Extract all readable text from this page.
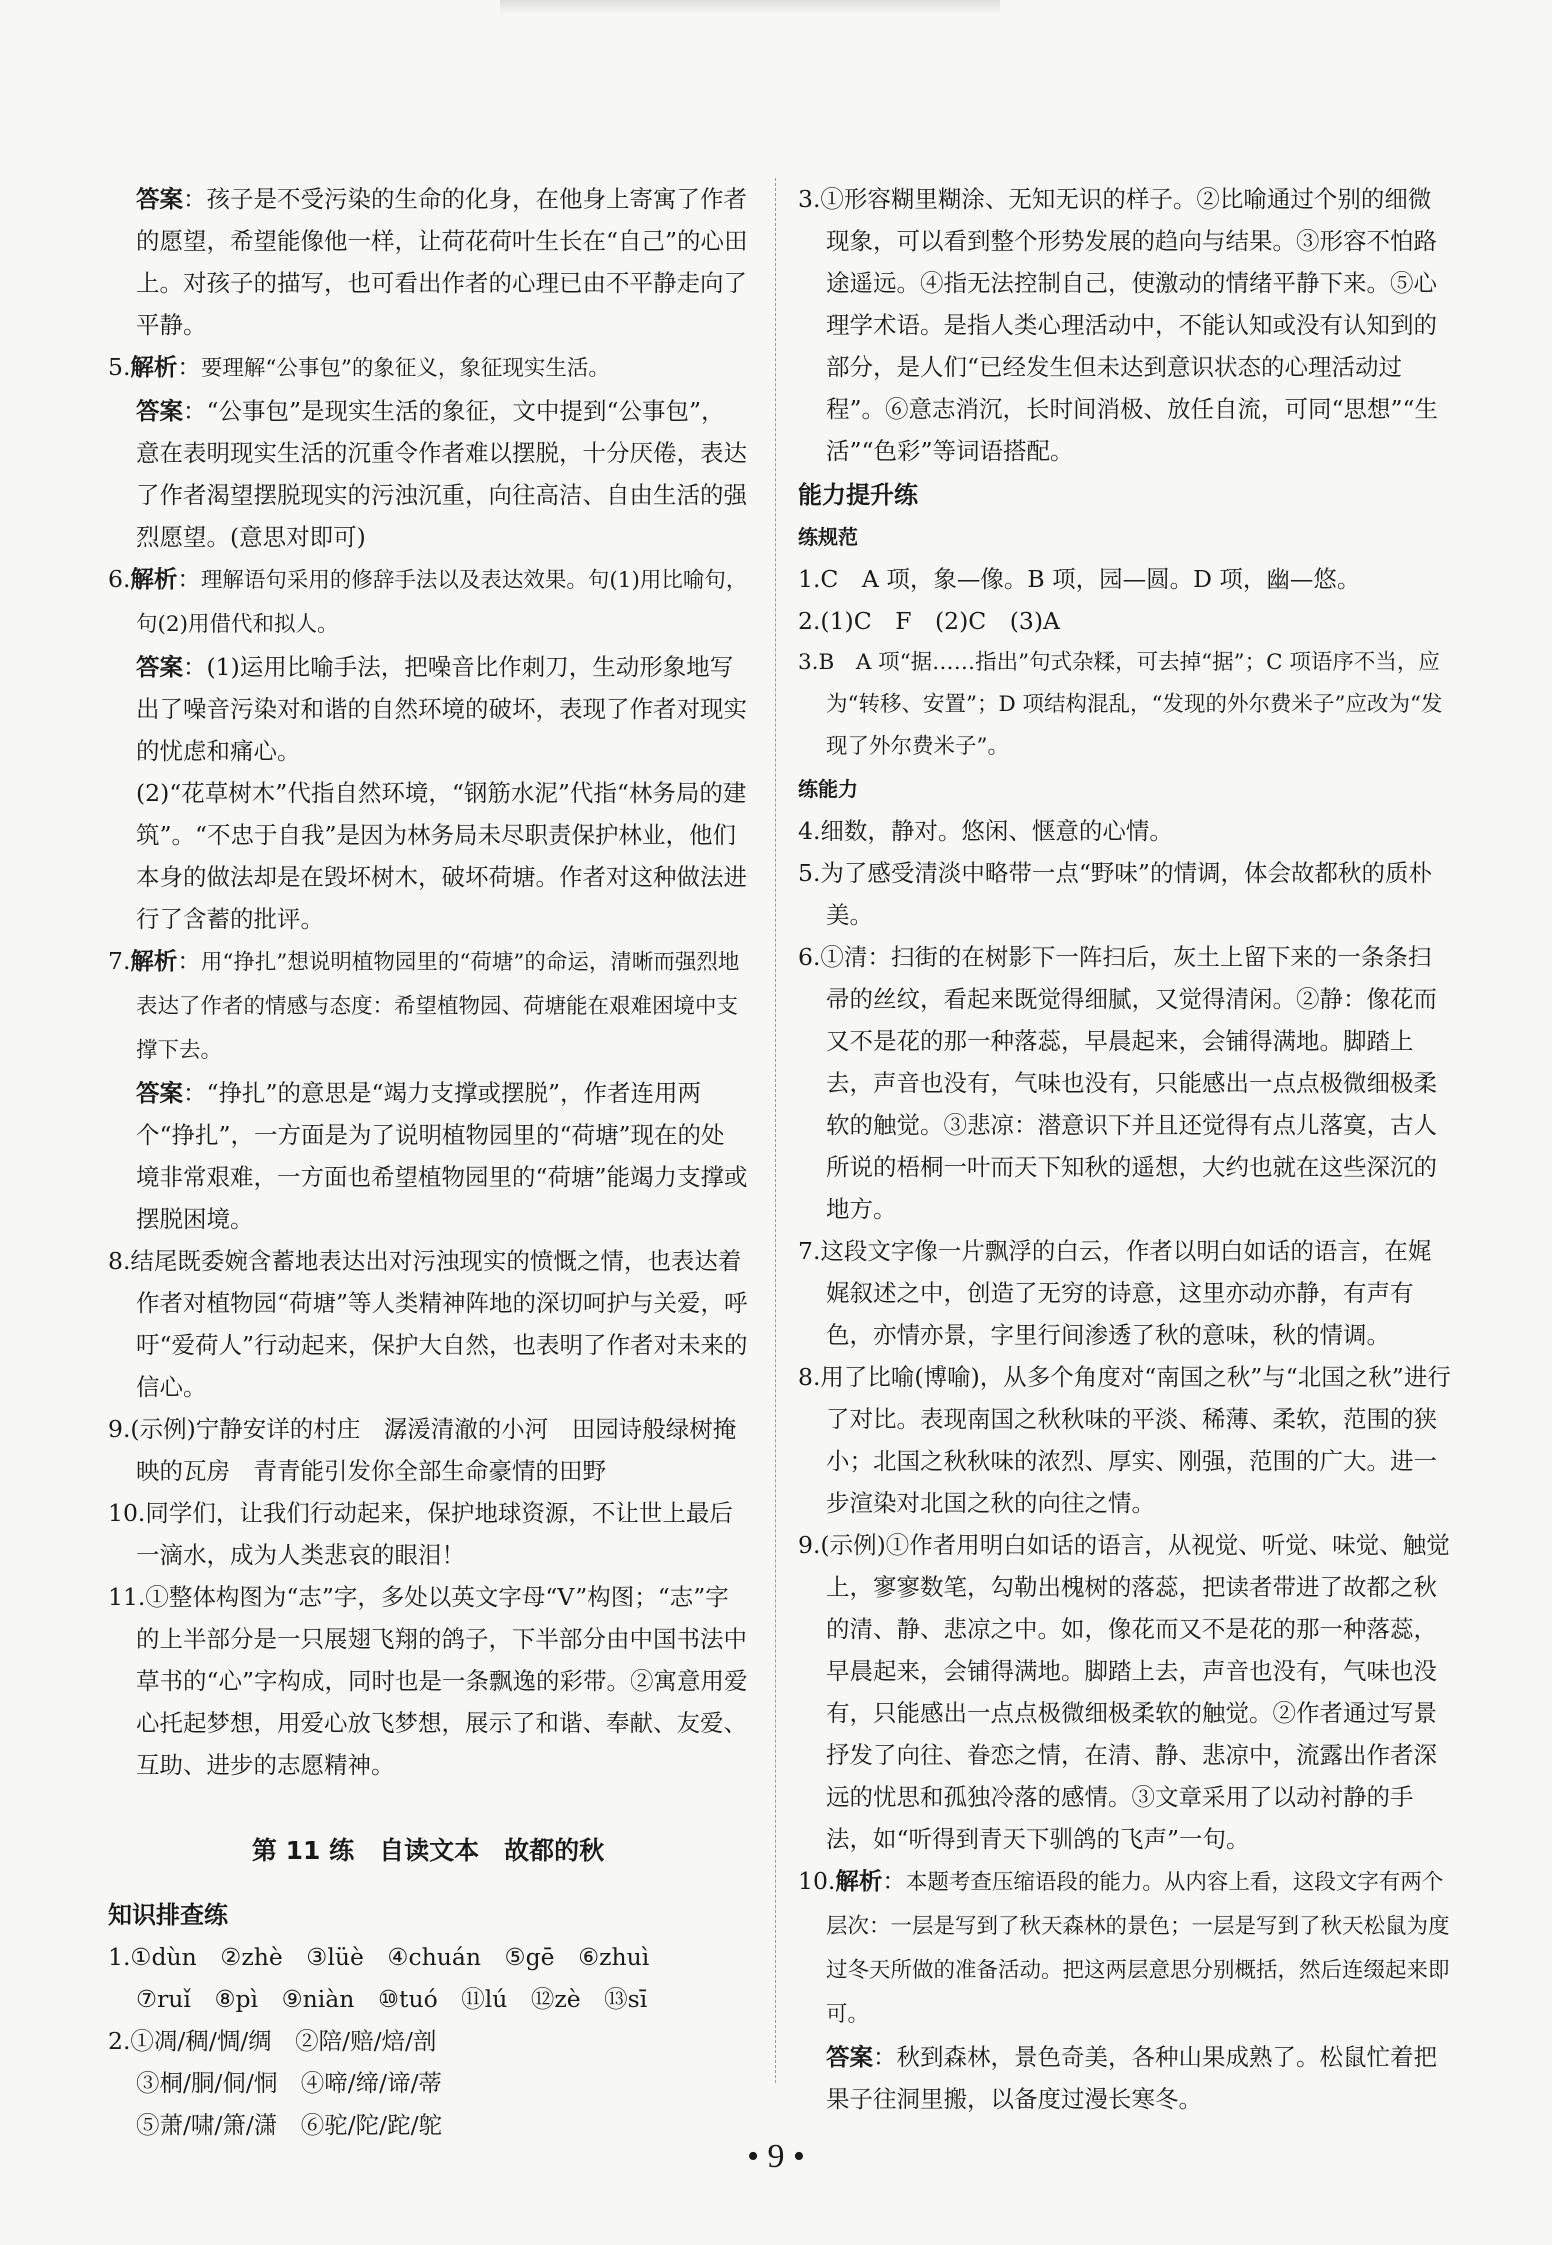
答案：孩子是不受污染的生命的化身，在他身上寄寓了作者的愿望，希望能像他一样，让荷花荷叶生长在“自己”的心田上。对孩子的描写，也可看出作者的心理已由不平静走向了平静。

5.解析：要理解“公事包”的象征义，象征现实生活。

答案：“公事包”是现实生活的象征，文中提到“公事包”，意在表明现实生活的沉重令作者难以摆脱，十分厌倦，表达了作者渴望摆脱现实的污浊沉重，向往高洁、自由生活的强烈愿望。(意思对即可)

6.解析：理解语句采用的修辞手法以及表达效果。句(1)用比喻句，句(2)用借代和拟人。

答案：(1)运用比喻手法，把噪音比作刺刀，生动形象地写出了噪音污染对和谐的自然环境的破坏，表现了作者对现实的忧虑和痛心。

(2)“花草树木”代指自然环境，“钢筋水泥”代指“林务局的建筑”。“不忠于自我”是因为林务局未尽职责保护林业，他们本身的做法却是在毁坏树木，破坏荷塘。作者对这种做法进行了含蓄的批评。

7.解析：用“挣扎”想说明植物园里的“荷塘”的命运，清晰而强烈地表达了作者的情感与态度：希望植物园、荷塘能在艰难困境中支撑下去。

答案：“挣扎”的意思是“竭力支撑或摆脱”，作者连用两个“挣扎”，一方面是为了说明植物园里的“荷塘”现在的处境非常艰难，一方面也希望植物园里的“荷塘”能竭力支撑或摆脱困境。

8.结尾既委婉含蓄地表达出对污浊现实的愤慨之情，也表达着作者对植物园“荷塘”等人类精神阵地的深切呵护与关爱，呼吁“爱荷人”行动起来，保护大自然，也表明了作者对未来的信心。

9.(示例)宁静安详的村庄　潺湲清澈的小河　田园诗般绿树掩映的瓦房　青青能引发你全部生命豪情的田野

10.同学们，让我们行动起来，保护地球资源，不让世上最后一滴水，成为人类悲哀的眼泪！

11.①整体构图为“志”字，多处以英文字母“V”构图；“志”字的上半部分是一只展翅飞翔的鸽子，下半部分由中国书法中草书的“心”字构成，同时也是一条飘逸的彩带。②寓意用爱心托起梦想，用爱心放飞梦想，展示了和谐、奉献、友爱、互助、进步的志愿精神。

第 11 练　自读文本　故都的秋

知识排查练

1.①dùn　②zhè　③lüè　④chuán　⑤gē　⑥zhuì

⑦ruǐ　⑧pì　⑨niàn　⑩tuó　⑪lú　⑫zè　⑬sī

2.①凋/稠/惆/绸　②陪/赔/焙/剖

③桐/胴/侗/恫　④啼/缔/谛/蒂

⑤萧/啸/箫/潇　⑥驼/陀/跎/鸵

3.①形容糊里糊涂、无知无识的样子。②比喻通过个别的细微现象，可以看到整个形势发展的趋向与结果。③形容不怕路途遥远。④指无法控制自己，使激动的情绪平静下来。⑤心理学术语。是指人类心理活动中，不能认知或没有认知到的部分，是人们“已经发生但未达到意识状态的心理活动过程”。⑥意志消沉，长时间消极、放任自流，可同“思想”“生活”“色彩”等词语搭配。

能力提升练

练规范

1.C　A 项，象—像。B 项，园—圆。D 项，幽—悠。

2.(1)C　F　(2)C　(3)A

3.B　A 项“据……指出”句式杂糅，可去掉“据”；C 项语序不当，应为“转移、安置”；D 项结构混乱，“发现的外尔费米子”应改为“发现了外尔费米子”。

练能力

4.细数，静对。悠闲、惬意的心情。

5.为了感受清淡中略带一点“野味”的情调，体会故都秋的质朴美。

6.①清：扫街的在树影下一阵扫后，灰土上留下来的一条条扫帚的丝纹，看起来既觉得细腻，又觉得清闲。②静：像花而又不是花的那一种落蕊，早晨起来，会铺得满地。脚踏上去，声音也没有，气味也没有，只能感出一点点极微细极柔软的触觉。③悲凉：潜意识下并且还觉得有点儿落寞，古人所说的梧桐一叶而天下知秋的遥想，大约也就在这些深沉的地方。

7.这段文字像一片飘浮的白云，作者以明白如话的语言，在娓娓叙述之中，创造了无穷的诗意，这里亦动亦静，有声有色，亦情亦景，字里行间渗透了秋的意味，秋的情调。

8.用了比喻(博喻)，从多个角度对“南国之秋”与“北国之秋”进行了对比。表现南国之秋秋味的平淡、稀薄、柔软，范围的狭小；北国之秋秋味的浓烈、厚实、刚强，范围的广大。进一步渲染对北国之秋的向往之情。

9.(示例)①作者用明白如话的语言，从视觉、听觉、味觉、触觉上，寥寥数笔，勾勒出槐树的落蕊，把读者带进了故都之秋的清、静、悲凉之中。如，像花而又不是花的那一种落蕊，早晨起来，会铺得满地。脚踏上去，声音也没有，气味也没有，只能感出一点点极微细极柔软的触觉。②作者通过写景抒发了向往、眷恋之情，在清、静、悲凉中，流露出作者深远的忧思和孤独冷落的感情。③文章采用了以动衬静的手法，如“听得到青天下驯鸽的飞声”一句。

10.解析：本题考查压缩语段的能力。从内容上看，这段文字有两个层次：一层是写到了秋天森林的景色；一层是写到了秋天松鼠为度过冬天所做的准备活动。把这两层意思分别概括，然后连缀起来即可。

答案：秋到森林，景色奇美，各种山果成熟了。松鼠忙着把果子往洞里搬，以备度过漫长寒冬。

• 9 •
